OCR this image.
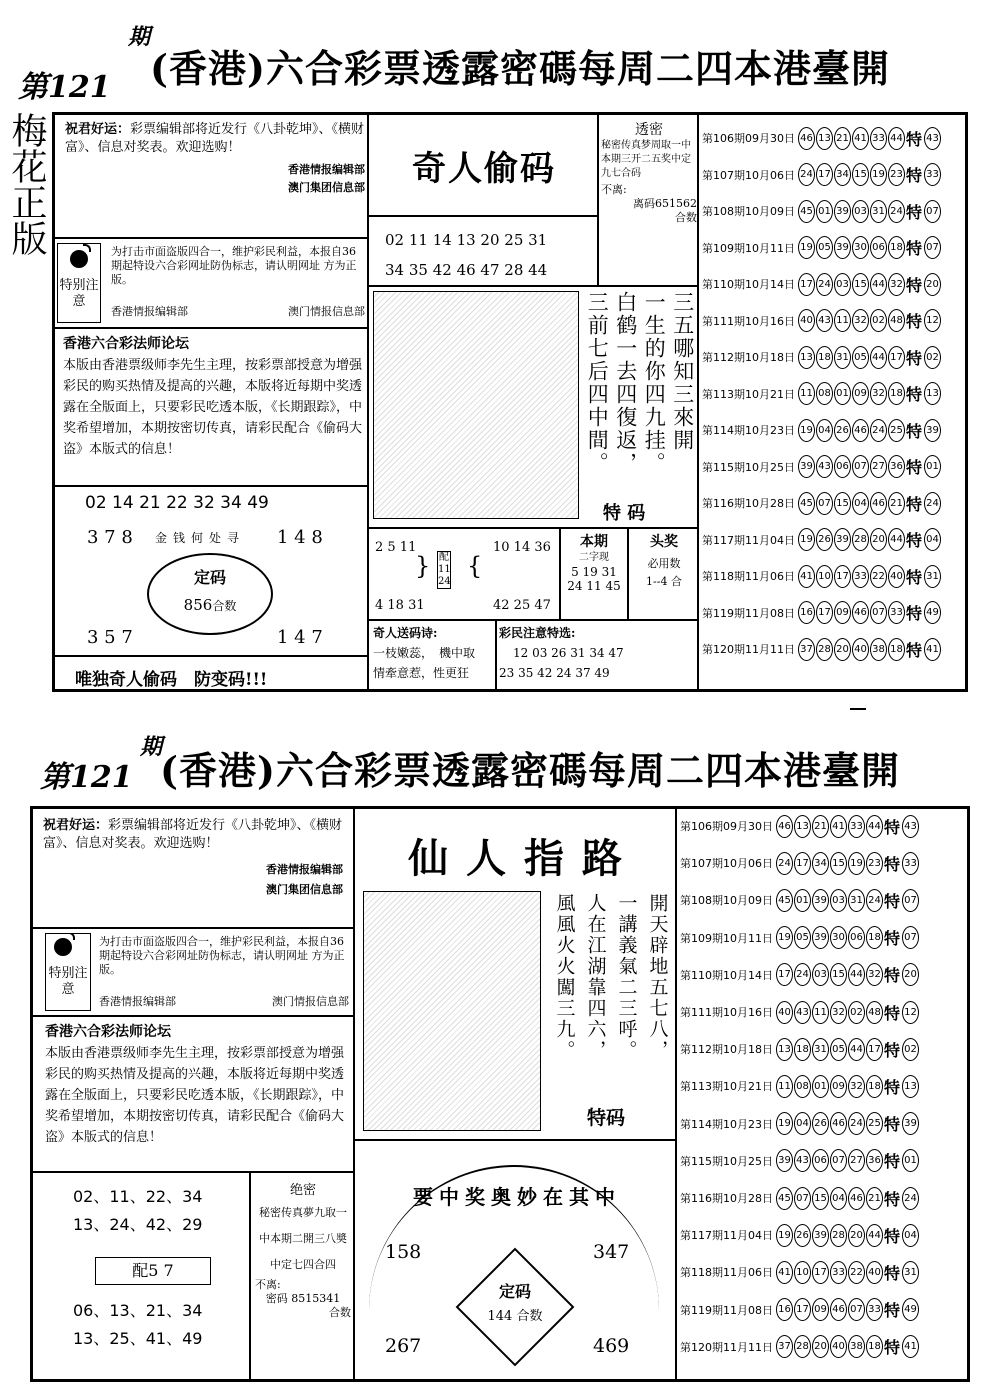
第121
期
(香港)六合彩票透露密碼每周二四本港臺開
梅花正版 祝君好运：彩票编辑部将近发行《八卦乾坤》、《横财富》、信息对奖表。欢迎选购！
香港情报编辑部
澳门集团信息部
特别注意
为打击市面盗版四合一，维护彩民利益，本报自36期起特设六合彩网址防伪标志，请认明网址 方为正版。
香港情报编辑部	澳门情报信息部
香港六合彩法师论坛
本版由香港票级师李先生主理，按彩票部授意为增强彩民的购买热情及提高的兴趣，本版将近每期中奖透露在全版面上，只要彩民吃透本版，《长期跟踪》，中奖希望增加，本期按密切传真，请彩民配合《偷码大盗》本版式的信息！
02 14 21 22 32 34 49
3 7 8	1 4 8
金钱何处寻
定码
856合数
3 5 7	1 4 7
唯独奇人偷码　防变码!!!
奇人偷码
02 11 14 13 20 25 31
34 35 42 46 47 28 44
透密
秘密传真梦周取一中本期三开二五奖中定九七合码
不离:
离码651562
合数
三五哪知三來開
一生的你四九挂。
白鹤一去四復返，
三前七后四中間。
特 码
2 5 11
4 18 31
} 配11 24
{
10 14 36
42 25 47
本期
二字现
5 19 31
24 11 45
头奖
必用数
1--4 合
奇人送码诗:
一枝嫩蕊，　機中取
情牽意惹，性更狂
彩民注意特选:
12 03 26 31 34 47
23 35 42 24 37 49
第106期09月30日 46 13 21 41 33 44 特 43
第107期10月06日 24 17 34 15 19 23 特 33
第108期10月09日 45 01 39 03 31 24 特 07
第109期10月11日 19 05 39 30 06 18 特 07
第110期10月14日 17 24 03 15 44 32 特 20
第111期10月16日 40 43 11 32 02 48 特 12
第112期10月18日 13 18 31 05 44 17 特 02
第113期10月21日 11 08 01 09 32 18 特 13
第114期10月23日 19 04 26 46 24 25 特 39
第115期10月25日 39 43 06 07 27 36 特 01
第116期10月28日 45 07 15 04 46 21 特 24
第117期11月04日 19 26 39 28 20 44 特 04
第118期11月06日 41 10 17 33 22 40 特 31
第119期11月08日 16 17 09 46 07 33 特 49
第120期11月11日 37 28 20 40 38 18 特 41
第121
期
(香港)六合彩票透露密碼每周二四本港臺開
祝君好运：彩票编辑部将近发行《八卦乾坤》、《横财富》、信息对奖表。欢迎选购！
香港情报编辑部
澳门集团信息部
特别注意
为打击市面盗版四合一，维护彩民利益，本报自36期起特设六合彩网址防伪标志，请认明网址 方为正版。
香港情报编辑部	澳门情报信息部
香港六合彩法师论坛
本版由香港票级师李先生主理，按彩票部授意为增强彩民的购买热情及提高的兴趣，本版将近每期中奖透露在全版面上，只要彩民吃透本版，《长期跟踪》，中奖希望增加，本期按密切传真，请彩民配合《偷码大盗》本版式的信息！
02、11、22、34
13、24、42、29
配5 7
06、13、21、34
13、25、41、49
绝密
秘密传真夢九取一中本期二開三八奬中定七四合四
不离:
密码 8515341
合数
仙 人 指 路
開天辟地五七八，
一講義氣二三呼。
人在江湖靠四六，
風風火火闖三九。
特码
要中奖奥妙在其中
158	347
定码
144 合数
267	469
第106期09月30日 46 13 21 41 33 44 特 43
第107期10月06日 24 17 34 15 19 23 特 33
第108期10月09日 45 01 39 03 31 24 特 07
第109期10月11日 19 05 39 30 06 18 特 07
第110期10月14日 17 24 03 15 44 32 特 20
第111期10月16日 40 43 11 32 02 48 特 12
第112期10月18日 13 18 31 05 44 17 特 02
第113期10月21日 11 08 01 09 32 18 特 13
第114期10月23日 19 04 26 46 24 25 特 39
第115期10月25日 39 43 06 07 27 36 特 01
第116期10月28日 45 07 15 04 46 21 特 24
第117期11月04日 19 26 39 28 20 44 特 04
第118期11月06日 41 10 17 33 22 40 特 31
第119期11月08日 16 17 09 46 07 33 特 49
第120期11月11日 37 28 20 40 38 18 特 41
